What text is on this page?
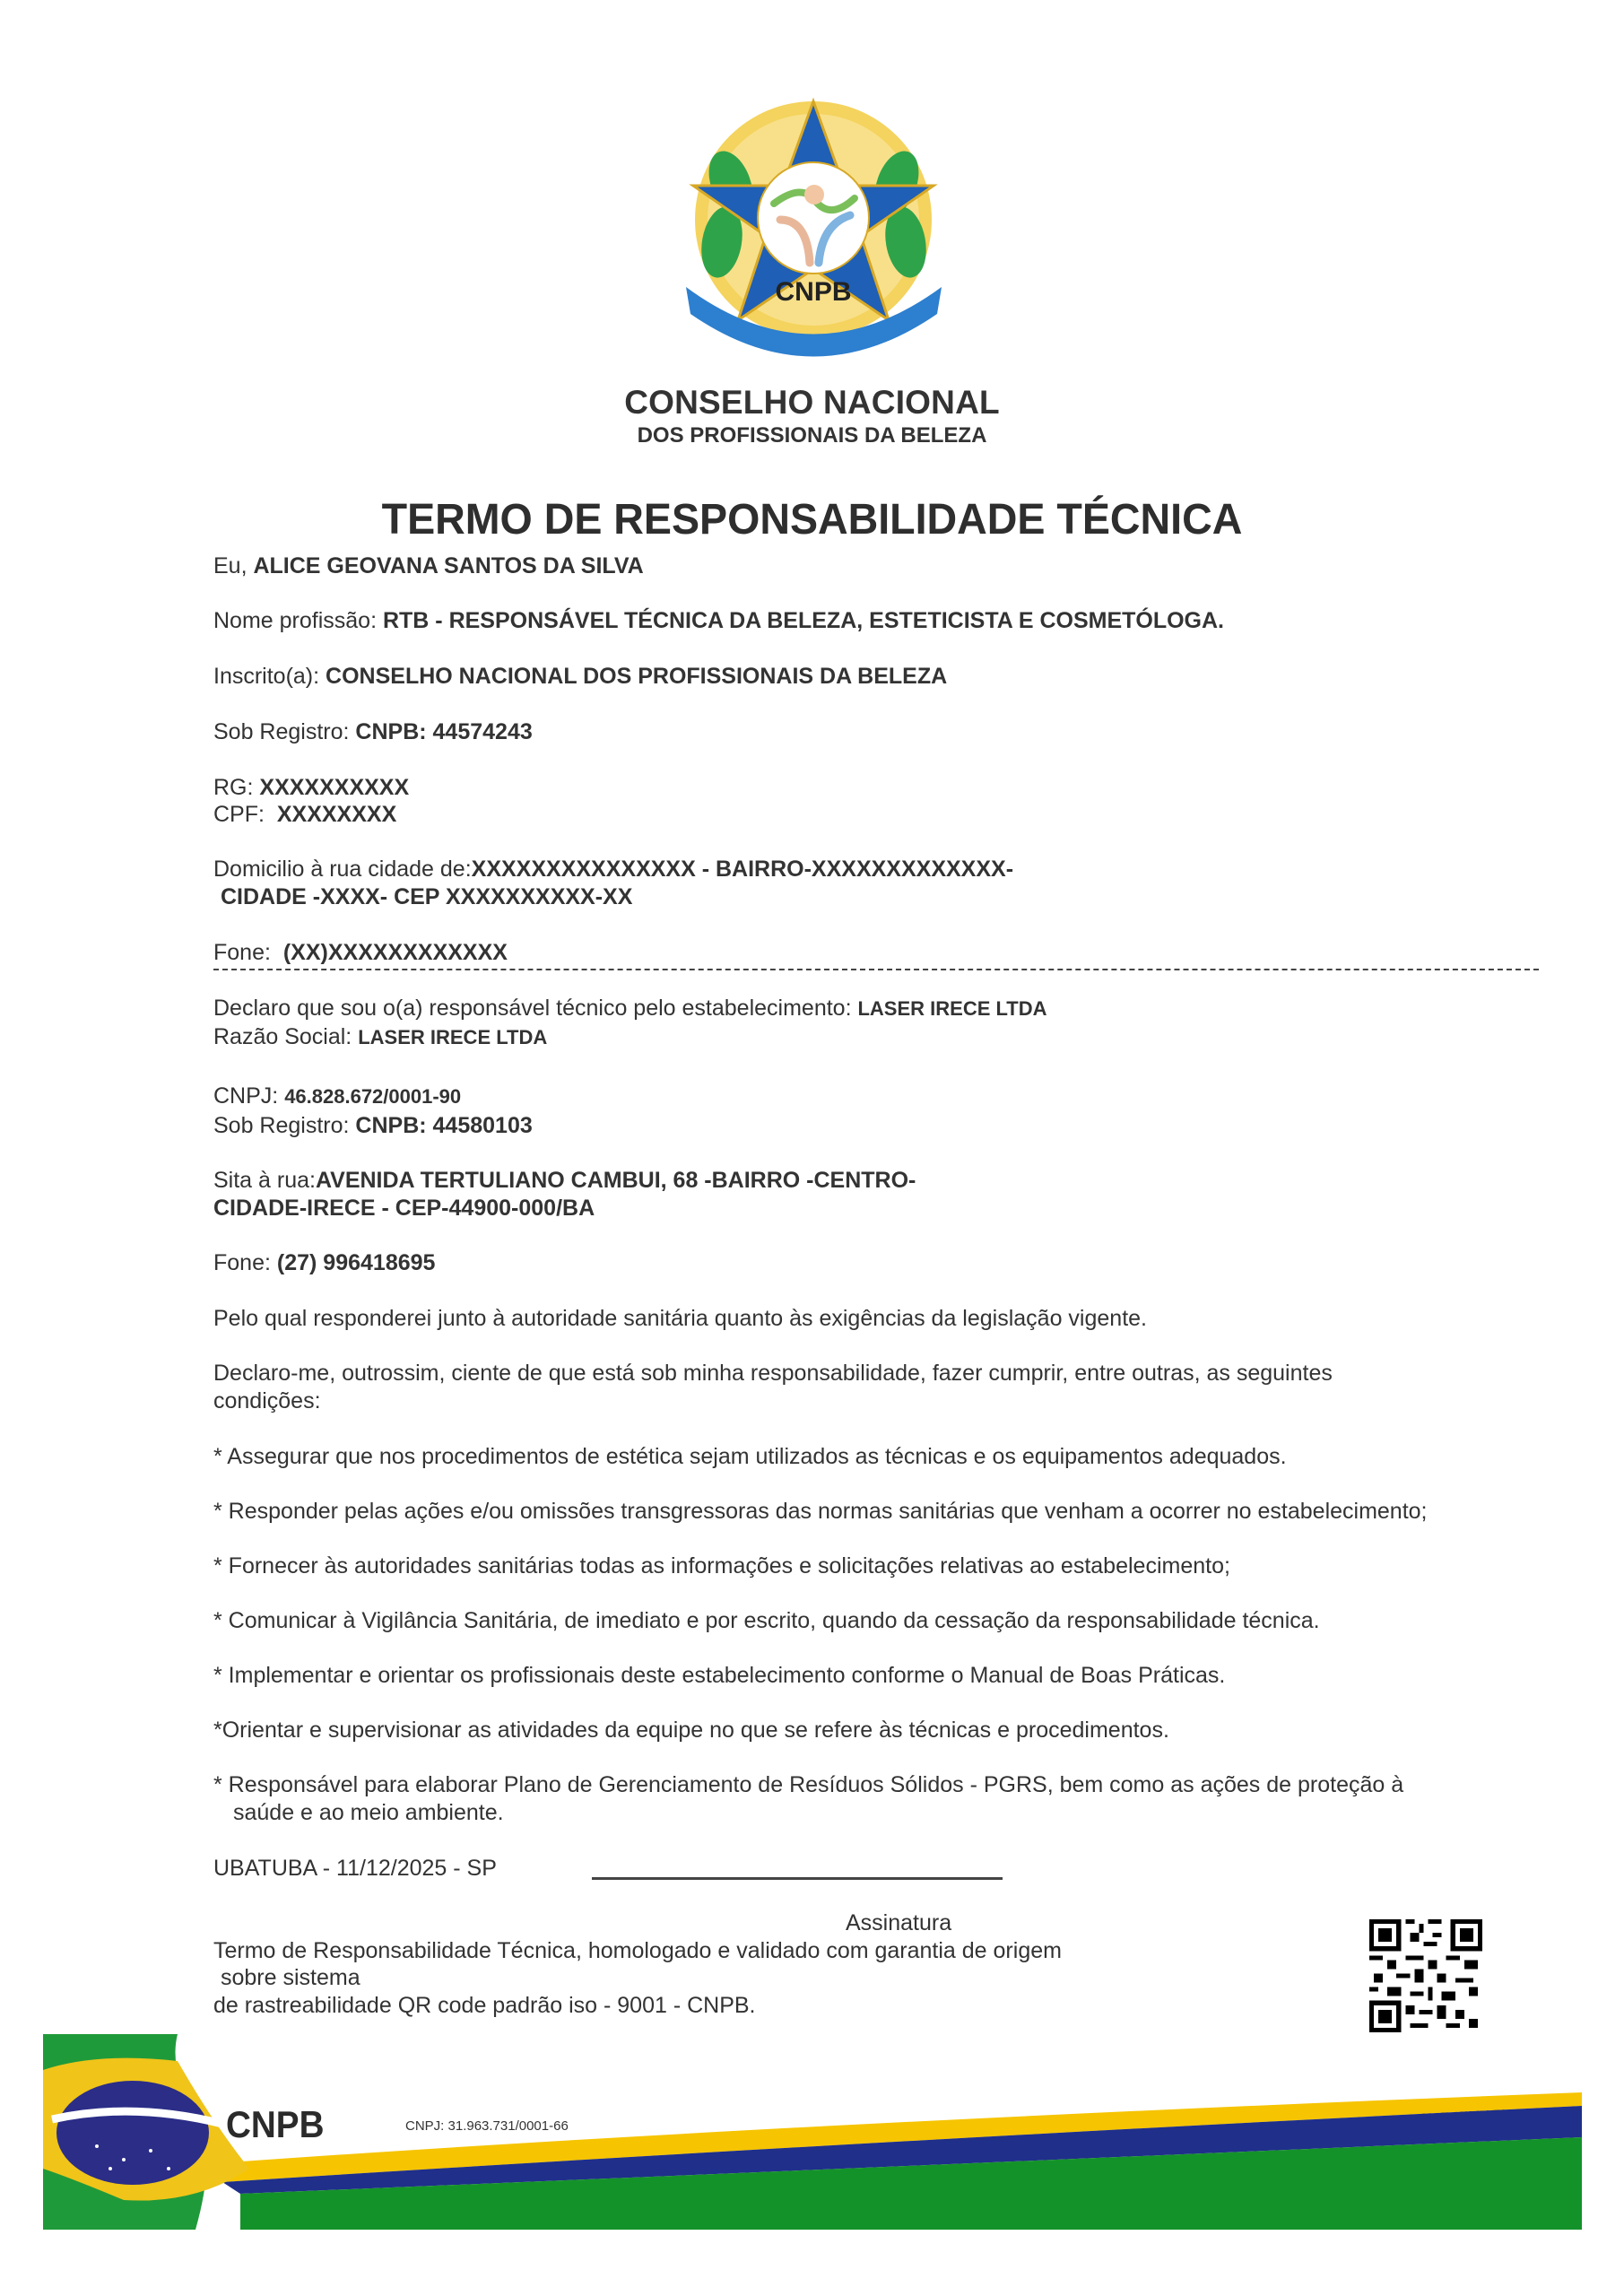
CNPB
CONSELHO NACIONAL
DOS PROFISSIONAIS DA BELEZA
TERMO DE RESPONSABILIDADE TÉCNICA
Eu, ALICE GEOVANA SANTOS DA SILVA
Nome profissão: RTB - RESPONSÁVEL TÉCNICA DA BELEZA, ESTETICISTA E COSMETÓLOGA.
Inscrito(a): CONSELHO NACIONAL DOS PROFISSIONAIS DA BELEZA
Sob Registro: CNPB: 44574243
RG: XXXXXXXXXX
CPF: XXXXXXXX
Domicilio à rua cidade de:XXXXXXXXXXXXXXX - BAIRRO-XXXXXXXXXXXXX-
CIDADE -XXXX- CEP XXXXXXXXXX-XX
Fone: (XX)XXXXXXXXXXXX
Declaro que sou o(a) responsável técnico pelo estabelecimento: LASER IRECE LTDA
Razão Social: LASER IRECE LTDA
CNPJ: 46.828.672/0001-90
Sob Registro: CNPB: 44580103
Sita à rua:AVENIDA TERTULIANO CAMBUI, 68 -BAIRRO -CENTRO-
CIDADE-IRECE - CEP-44900-000/BA
Fone: (27) 996418695
Pelo qual responderei junto à autoridade sanitária quanto às exigências da legislação vigente.
Declaro-me, outrossim, ciente de que está sob minha responsabilidade, fazer cumprir, entre outras, as seguintes
condições:
* Assegurar que nos procedimentos de estética sejam utilizados as técnicas e os equipamentos adequados.
* Responder pelas ações e/ou omissões transgressoras das normas sanitárias que venham a ocorrer no estabelecimento;
* Fornecer às autoridades sanitárias todas as informações e solicitações relativas ao estabelecimento;
* Comunicar à Vigilância Sanitária, de imediato e por escrito, quando da cessação da responsabilidade técnica.
* Implementar e orientar os profissionais deste estabelecimento conforme o Manual de Boas Práticas.
*Orientar e supervisionar as atividades da equipe no que se refere às técnicas e procedimentos.
* Responsável para elaborar Plano de Gerenciamento de Resíduos Sólidos - PGRS, bem como as ações de proteção à
saúde e ao meio ambiente.
UBATUBA - 11/12/2025 - SP
Assinatura
Termo de Responsabilidade Técnica, homologado e validado com garantia de origem
sobre sistema
de rastreabilidade QR code padrão iso - 9001 - CNPB.
CNPB	CNPJ: 31.963.731/0001-66
